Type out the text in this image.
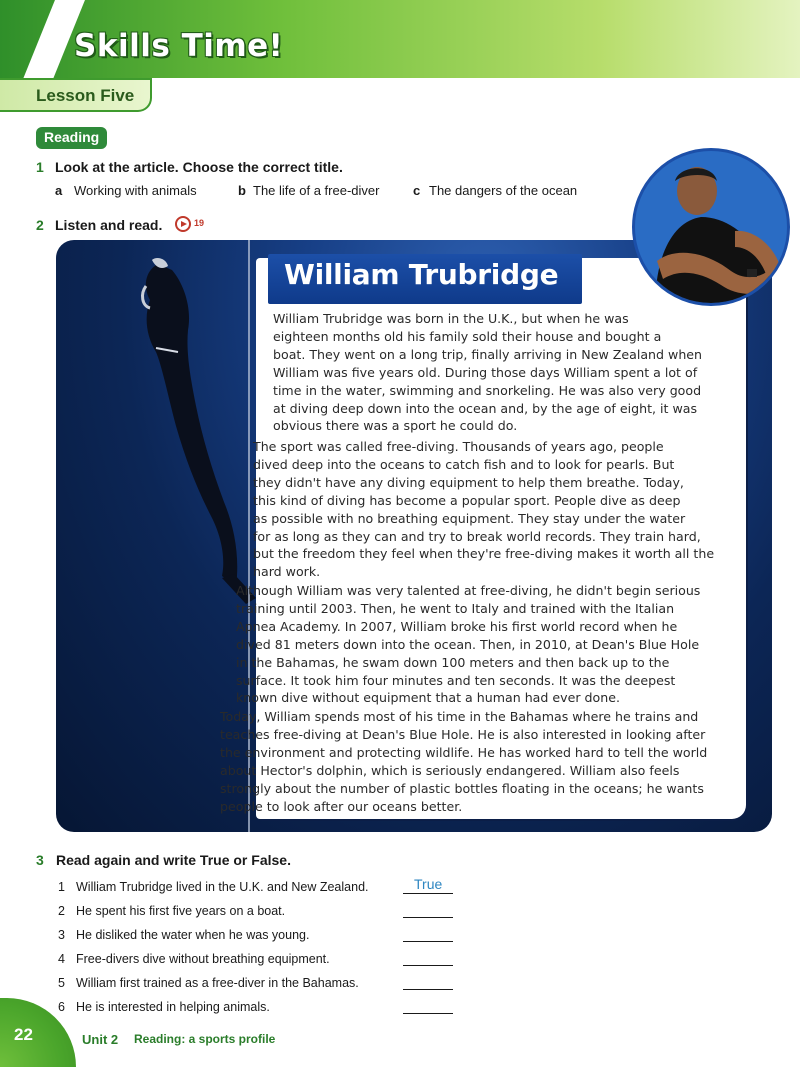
Skills Time!
Lesson Five
Reading
1 Look at the article. Choose the correct title.
a Working with animals	b The life of a free-diver	c The dangers of the ocean
2 Listen and read.	19
William Trubridge
William Trubridge was born in the U.K., but when he was
eighteen months old his family sold their house and bought a
boat. They went on a long trip, finally arriving in New Zealand when
William was five years old. During those days William spent a lot of
time in the water, swimming and snorkeling. He was also very good
at diving deep down into the ocean and, by the age of eight, it was
obvious there was a sport he could do.
The sport was called free-diving. Thousands of years ago, people
dived deep into the oceans to catch fish and to look for pearls. But
they didn't have any diving equipment to help them breathe. Today,
this kind of diving has become a popular sport. People dive as deep
as possible with no breathing equipment. They stay under the water
for as long as they can and try to break world records. They train hard,
but the freedom they feel when they're free-diving makes it worth all the
hard work.
Although William was very talented at free-diving, he didn't begin serious
training until 2003. Then, he went to Italy and trained with the Italian
Apnea Academy. In 2007, William broke his first world record when he
dived 81 meters down into the ocean. Then, in 2010, at Dean's Blue Hole
in the Bahamas, he swam down 100 meters and then back up to the
surface. It took him four minutes and ten seconds. It was the deepest
known dive without equipment that a human had ever done.
Today, William spends most of his time in the Bahamas where he trains and
teaches free-diving at Dean's Blue Hole. He is also interested in looking after
the environment and protecting wildlife. He has worked hard to tell the world
about Hector's dolphin, which is seriously endangered. William also feels
strongly about the number of plastic bottles floating in the oceans; he wants
people to look after our oceans better.
3 Read again and write True or False.
1 William Trubridge lived in the U.K. and New Zealand.	True
2 He spent his first five years on a boat.
3 He disliked the water when he was young.
4 Free-divers dive without breathing equipment.
5 William first trained as a free-diver in the Bahamas.
6 He is interested in helping animals.
22	Unit 2 Reading: a sports profile
